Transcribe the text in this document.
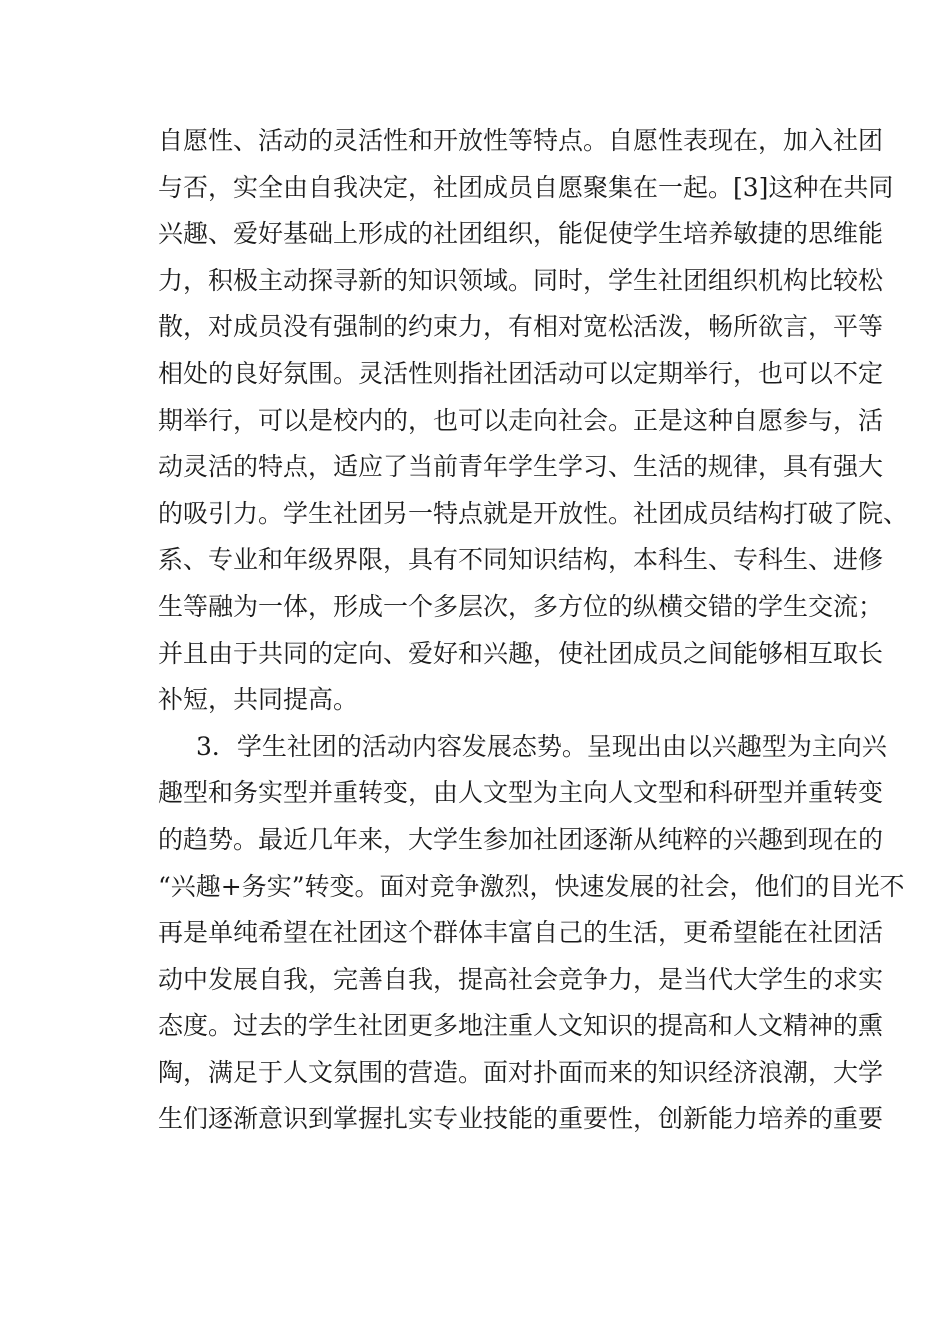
自愿性、活动的灵活性和开放性等特点。自愿性表现在，加入社团
与否，实全由自我决定，社团成员自愿聚集在一起。[3]这种在共同
兴趣、爱好基础上形成的社团组织，能促使学生培养敏捷的思维能
力，积极主动探寻新的知识领域。同时，学生社团组织机构比较松
散，对成员没有强制的约束力，有相对宽松活泼，畅所欲言，平等
相处的良好氛围。灵活性则指社团活动可以定期举行，也可以不定
期举行，可以是校内的，也可以走向社会。正是这种自愿参与，活
动灵活的特点，适应了当前青年学生学习、生活的规律，具有强大
的吸引力。学生社团另一特点就是开放性。社团成员结构打破了院、
系、专业和年级界限，具有不同知识结构，本科生、专科生、进修
生等融为一体，形成一个多层次，多方位的纵横交错的学生交流；
并且由于共同的定向、爱好和兴趣，使社团成员之间能够相互取长
补短，共同提高。
3．学生社团的活动内容发展态势。呈现出由以兴趣型为主向兴
趣型和务实型并重转变，由人文型为主向人文型和科研型并重转变
的趋势。最近几年来，大学生参加社团逐渐从纯粹的兴趣到现在的
“兴趣+务实”转变。面对竞争激烈，快速发展的社会，他们的目光不
再是单纯希望在社团这个群体丰富自己的生活，更希望能在社团活
动中发展自我，完善自我，提高社会竞争力，是当代大学生的求实
态度。过去的学生社团更多地注重人文知识的提高和人文精神的熏
陶，满足于人文氛围的营造。面对扑面而来的知识经济浪潮，大学
生们逐渐意识到掌握扎实专业技能的重要性，创新能力培养的重要
